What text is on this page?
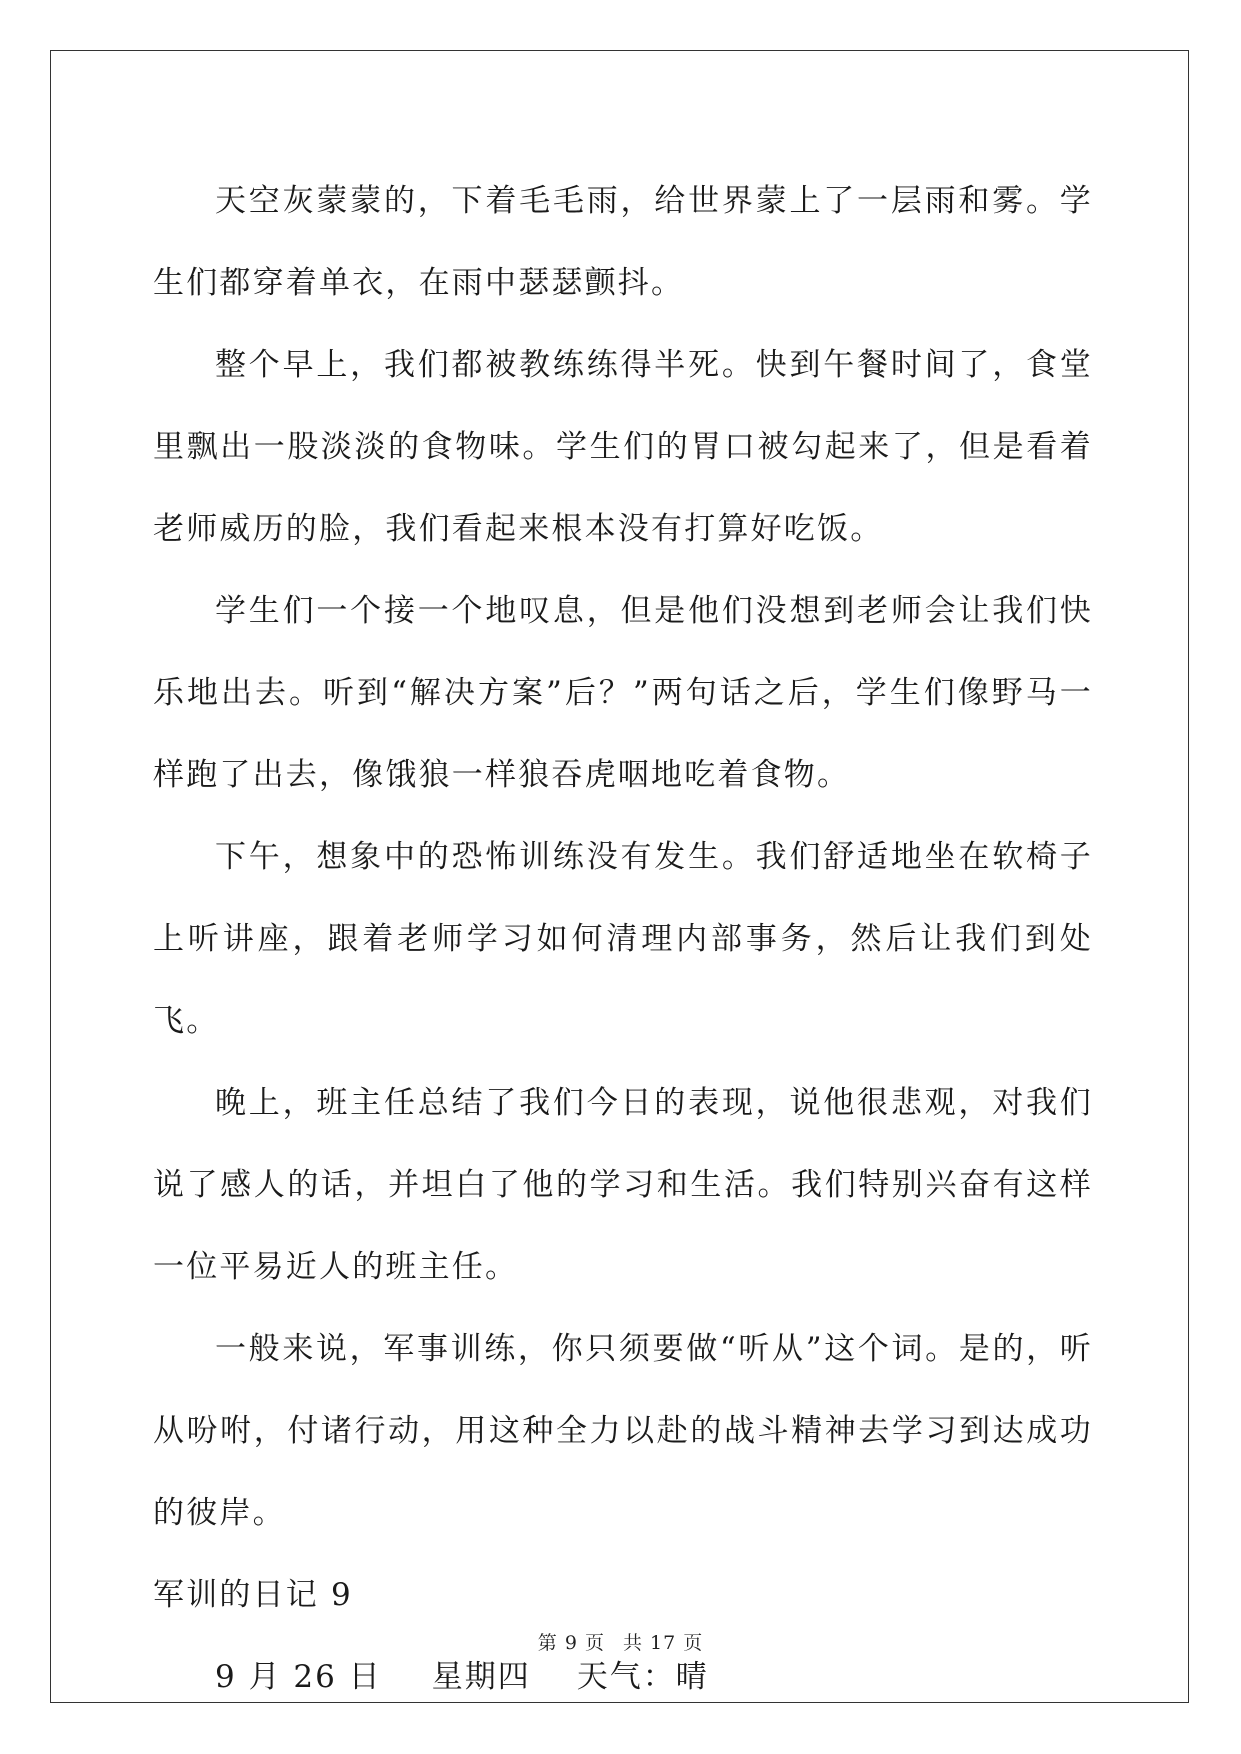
天空灰蒙蒙的，下着毛毛雨，给世界蒙上了一层雨和雾。学生们都穿着单衣，在雨中瑟瑟颤抖。

整个早上，我们都被教练练得半死。快到午餐时间了，食堂里飘出一股淡淡的食物味。学生们的胃口被勾起来了，但是看着老师威历的脸，我们看起来根本没有打算好吃饭。

学生们一个接一个地叹息，但是他们没想到老师会让我们快乐地出去。听到“解决方案”后？”两句话之后，学生们像野马一样跑了出去，像饿狼一样狼吞虎咽地吃着食物。

下午，想象中的恐怖训练没有发生。我们舒适地坐在软椅子上听讲座，跟着老师学习如何清理内部事务，然后让我们到处飞。

晚上，班主任总结了我们今日的表现，说他很悲观，对我们说了感人的话，并坦白了他的学习和生活。我们特别兴奋有这样一位平易近人的班主任。

一般来说，军事训练，你只须要做“听从”这个词。是的，听从吩咐，付诸行动，用这种全力以赴的战斗精神去学习到达成功的彼岸。

军训的日记 9

9 月 26 日 星期四 天气：晴

第 9 页 共 17 页
